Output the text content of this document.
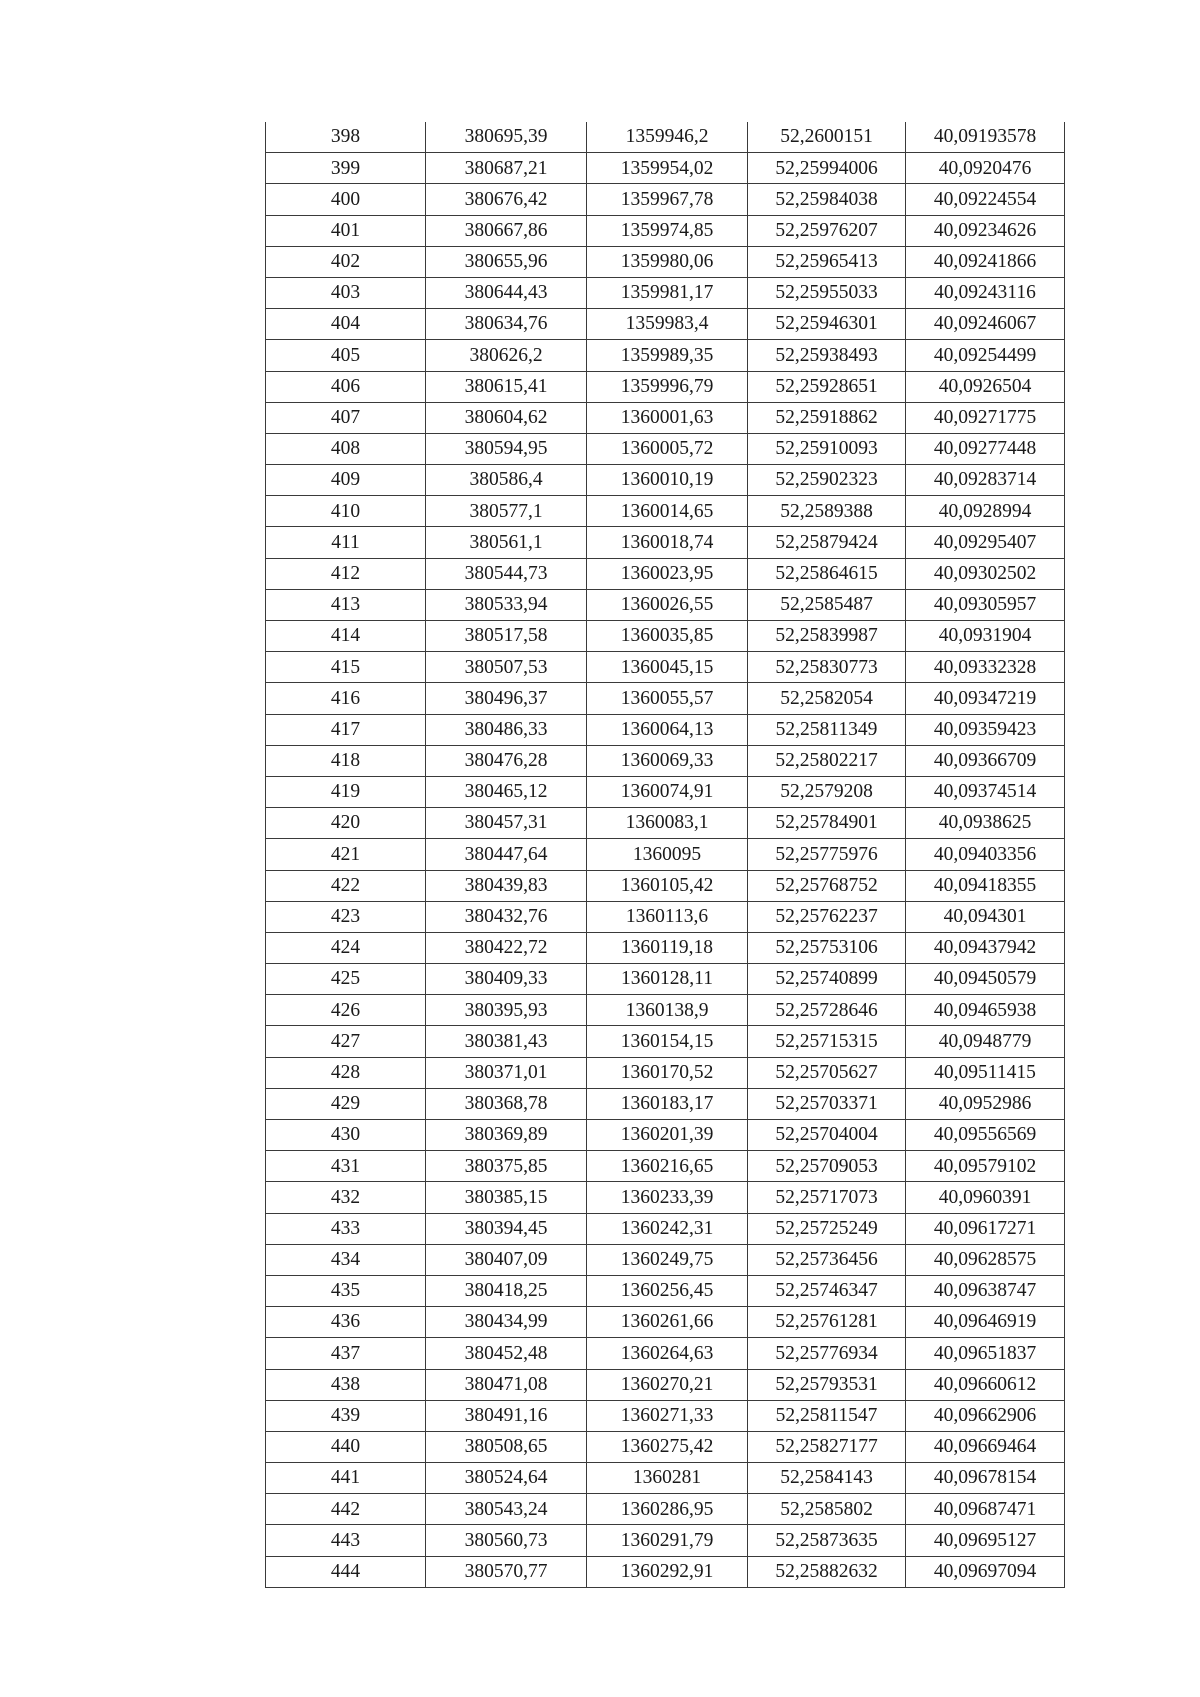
398	380695,39	1359946,2	52,2600151	40,09193578
399	380687,21	1359954,02	52,25994006	40,0920476
400	380676,42	1359967,78	52,25984038	40,09224554
401	380667,86	1359974,85	52,25976207	40,09234626
402	380655,96	1359980,06	52,25965413	40,09241866
403	380644,43	1359981,17	52,25955033	40,09243116
404	380634,76	1359983,4	52,25946301	40,09246067
405	380626,2	1359989,35	52,25938493	40,09254499
406	380615,41	1359996,79	52,25928651	40,0926504
407	380604,62	1360001,63	52,25918862	40,09271775
408	380594,95	1360005,72	52,25910093	40,09277448
409	380586,4	1360010,19	52,25902323	40,09283714
410	380577,1	1360014,65	52,2589388	40,0928994
411	380561,1	1360018,74	52,25879424	40,09295407
412	380544,73	1360023,95	52,25864615	40,09302502
413	380533,94	1360026,55	52,2585487	40,09305957
414	380517,58	1360035,85	52,25839987	40,0931904
415	380507,53	1360045,15	52,25830773	40,09332328
416	380496,37	1360055,57	52,2582054	40,09347219
417	380486,33	1360064,13	52,25811349	40,09359423
418	380476,28	1360069,33	52,25802217	40,09366709
419	380465,12	1360074,91	52,2579208	40,09374514
420	380457,31	1360083,1	52,25784901	40,0938625
421	380447,64	1360095	52,25775976	40,09403356
422	380439,83	1360105,42	52,25768752	40,09418355
423	380432,76	1360113,6	52,25762237	40,094301
424	380422,72	1360119,18	52,25753106	40,09437942
425	380409,33	1360128,11	52,25740899	40,09450579
426	380395,93	1360138,9	52,25728646	40,09465938
427	380381,43	1360154,15	52,25715315	40,0948779
428	380371,01	1360170,52	52,25705627	40,09511415
429	380368,78	1360183,17	52,25703371	40,0952986
430	380369,89	1360201,39	52,25704004	40,09556569
431	380375,85	1360216,65	52,25709053	40,09579102
432	380385,15	1360233,39	52,25717073	40,0960391
433	380394,45	1360242,31	52,25725249	40,09617271
434	380407,09	1360249,75	52,25736456	40,09628575
435	380418,25	1360256,45	52,25746347	40,09638747
436	380434,99	1360261,66	52,25761281	40,09646919
437	380452,48	1360264,63	52,25776934	40,09651837
438	380471,08	1360270,21	52,25793531	40,09660612
439	380491,16	1360271,33	52,25811547	40,09662906
440	380508,65	1360275,42	52,25827177	40,09669464
441	380524,64	1360281	52,2584143	40,09678154
442	380543,24	1360286,95	52,2585802	40,09687471
443	380560,73	1360291,79	52,25873635	40,09695127
444	380570,77	1360292,91	52,25882632	40,09697094
